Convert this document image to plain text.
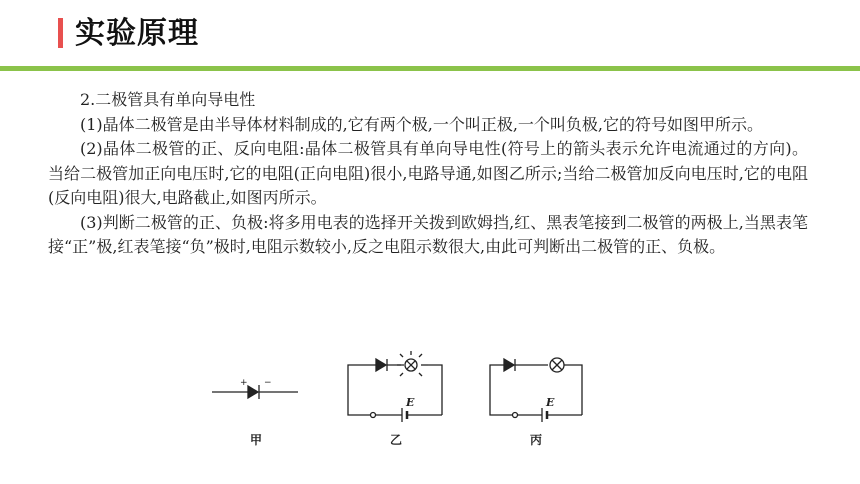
实验原理

2.二极管具有单向导电性

(1)晶体二极管是由半导体材料制成的,它有两个极,一个叫正极,一个叫负极,它的符号如图甲所示。

(2)晶体二极管的正、反向电阻:晶体二极管具有单向导电性(符号上的箭头表示允许电流通过的方向)。当给二极管加正向电压时,它的电阻(正向电阻)很小,电路导通,如图乙所示;当给二极管加反向电压时,它的电阻(反向电阻)很大,电路截止,如图丙所示。

(3)判断二极管的正、负极:将多用电表的选择开关拨到欧姆挡,红、黑表笔接到二极管的两极上,当黑表笔接“正”极,红表笔接“负”极时,电阻示数较小,反之电阻示数很大,由此可判断出二极管的正、负极。

+ −
E	E
甲	乙	丙
